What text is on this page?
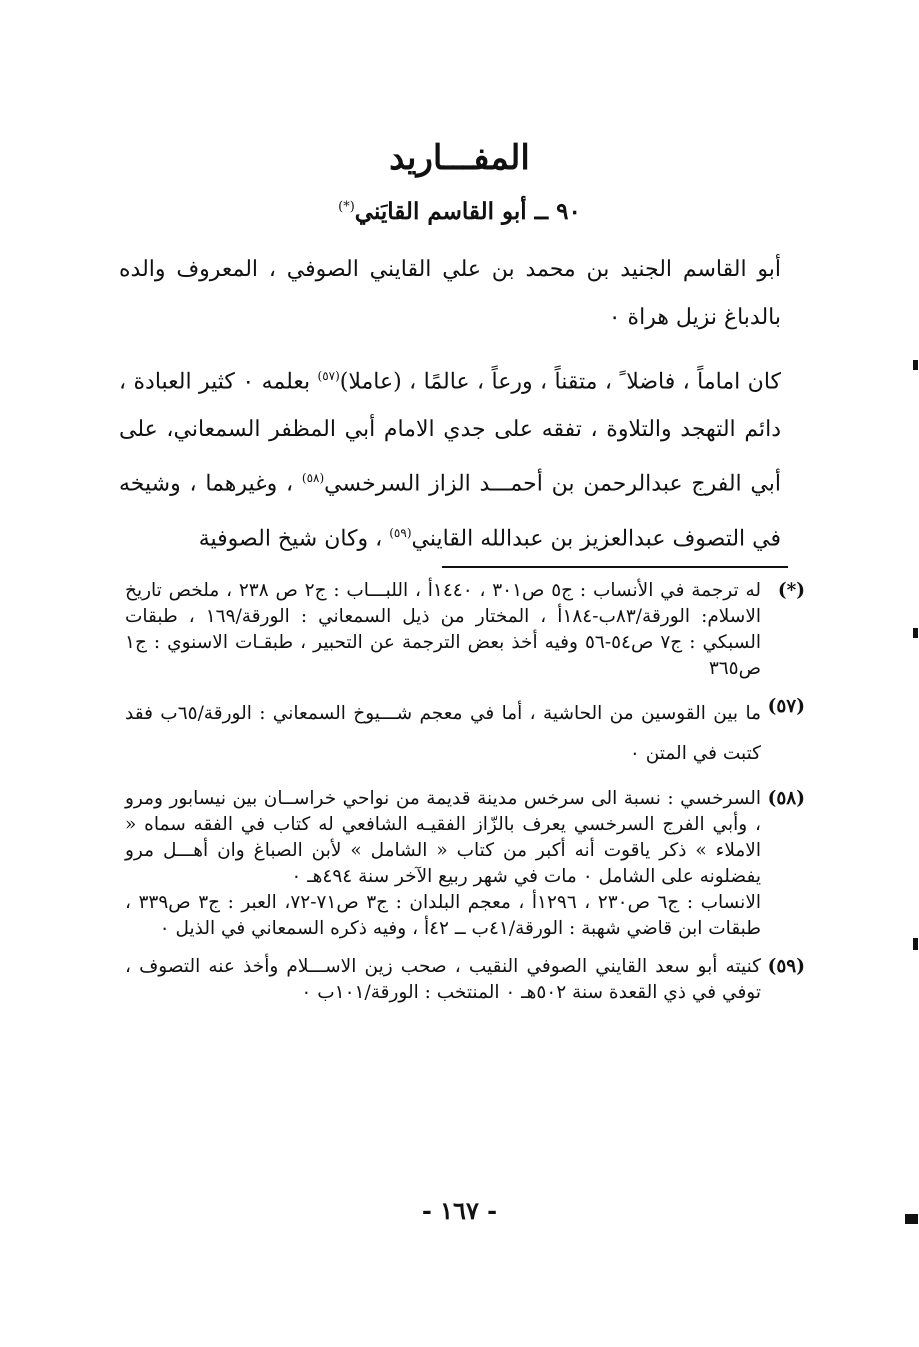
المفـــاريد
٩٠ ــ أبو القاسم القايَني(*)

أبو القاسم الجنيد بن محمد بن علي القايني الصوفي ، المعروف والده بالدباغ نزيل هراة ٠

كان اماماً ، فاضلا ً ، متقناً ، ورعاً ، عالمًا ، (عاملا)$^{(٥٧)}$ بعلمه ٠ كثير العبادة ، دائم التهجد والتلاوة ، تفقه على جدي الامام أبي المظفر السمعاني، على أبي الفرج عبدالرحمن بن أحمـــد الزاز السرخسي$^{(٥٨)}$ ، وغيرهما ، وشيخه في التصوف عبدالعزيز بن عبدالله القايني$^{(٥٩)}$ ، وكان شيخ الصوفية

(*)
له ترجمة في الأنساب : ج٥ ص٣٠١ ، ١٤٤٠أ ، اللبـــاب : ج٢ ص ٢٣٨ ، ملخص تاريخ الاسلام: الورقة/٨٣ب-١٨٤أ ، المختار من ذيل السمعاني : الورقة/١٦٩ ، طبقات السبكي : ج٧ ص٥٤-٥٦ وفيه أخذ بعض الترجمة عن التحبير ، طبقـات الاسنوي : ج١ ص٣٦٥
(٥٧)
ما بين القوسين من الحاشية ، أما في معجم شـــيوخ السمعاني : الورقة/٦٥ب فقد كتبت في المتن ٠
(٥٨)
السرخسي : نسبة الى سرخس مدينة قديمة من نواحي خراســان بين نيسابور ومرو ، وأبي الفرج السرخسي يعرف بالزّاز الفقيـه الشافعي له كتاب في الفقه سماه « الاملاء » ذكر ياقوت أنه أكبر من كتاب « الشامل » لأبن الصباغ وان أهـــل مرو يفضلونه على الشامل ٠ مات في شهر ربيع الآخر سنة ٤٩٤هـ ٠
الانساب : ج٦ ص٢٣٠ ، ١٢٩٦أ ، معجم البلدان : ج٣ ص٧١-٧٢، العبر : ج٣ ص٣٣٩ ، طبقات ابن قاضي شهبة : الورقة/٤١ب ــ ٤٢أ ، وفيه ذكره السمعاني في الذيل ٠
(٥٩)
كنيته أبو سعد القايني الصوفي النقيب ، صحب زين الاســـلام وأخذ عنه التصوف ، توفي في ذي القعدة سنة ٥٠٢هـ ٠ المنتخب : الورقة/١٠١ب ٠
- ١٦٧ -
